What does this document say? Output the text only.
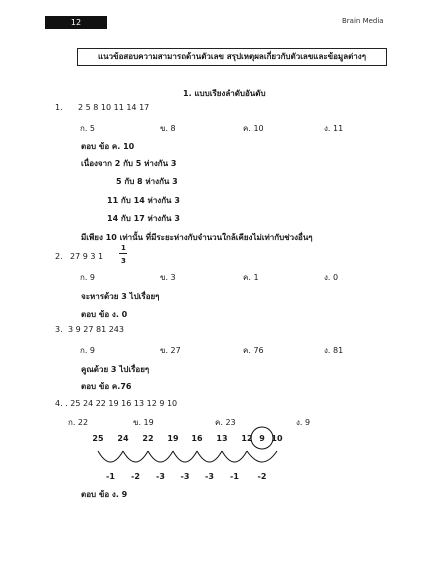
12	Brain Media
แนวข้อสอบความสามารถด้านตัวเลข สรุปเหตุผลเกี่ยวกับตัวเลขและข้อมูลต่างๆ
1. แบบเรียงลำดับอันดับ
1. 2 5 8 10 11 14 17
ก. 5	ข. 8	ค. 10	ง. 11
ตอบ ข้อ ค. 10
เนื่องจาก 2 กับ 5 ห่างกัน 3
5 กับ 8 ห่างกัน 3
11 กับ 14 ห่างกัน 3
14 กับ 17 ห่างกัน 3
มีเพียง 10 เท่านั้น ที่มีระยะห่างกับจำนวนใกล้เคียงไม่เท่ากับช่วงอื่นๆ
2. 27 9 3 1
1
3
ก. 9	ข. 3	ค. 1	ง. 0
จะหารด้วย 3 ไปเรื่อยๆ
ตอบ ข้อ ง. 0
3. 3 9 27 81 243
ก. 9	ข. 27	ค. 76	ง. 81
คูณด้วย 3 ไปเรื่อยๆ
ตอบ ข้อ ค.76
4. . 25 24 22 19 16 13 12 9 10
ก. 22	ข. 19	ค. 23	ง. 9
25 24 22 19 16 13 12 9 10
-1 -2 -3 -3 -3 -1 -2
ตอบ ข้อ ง. 9
